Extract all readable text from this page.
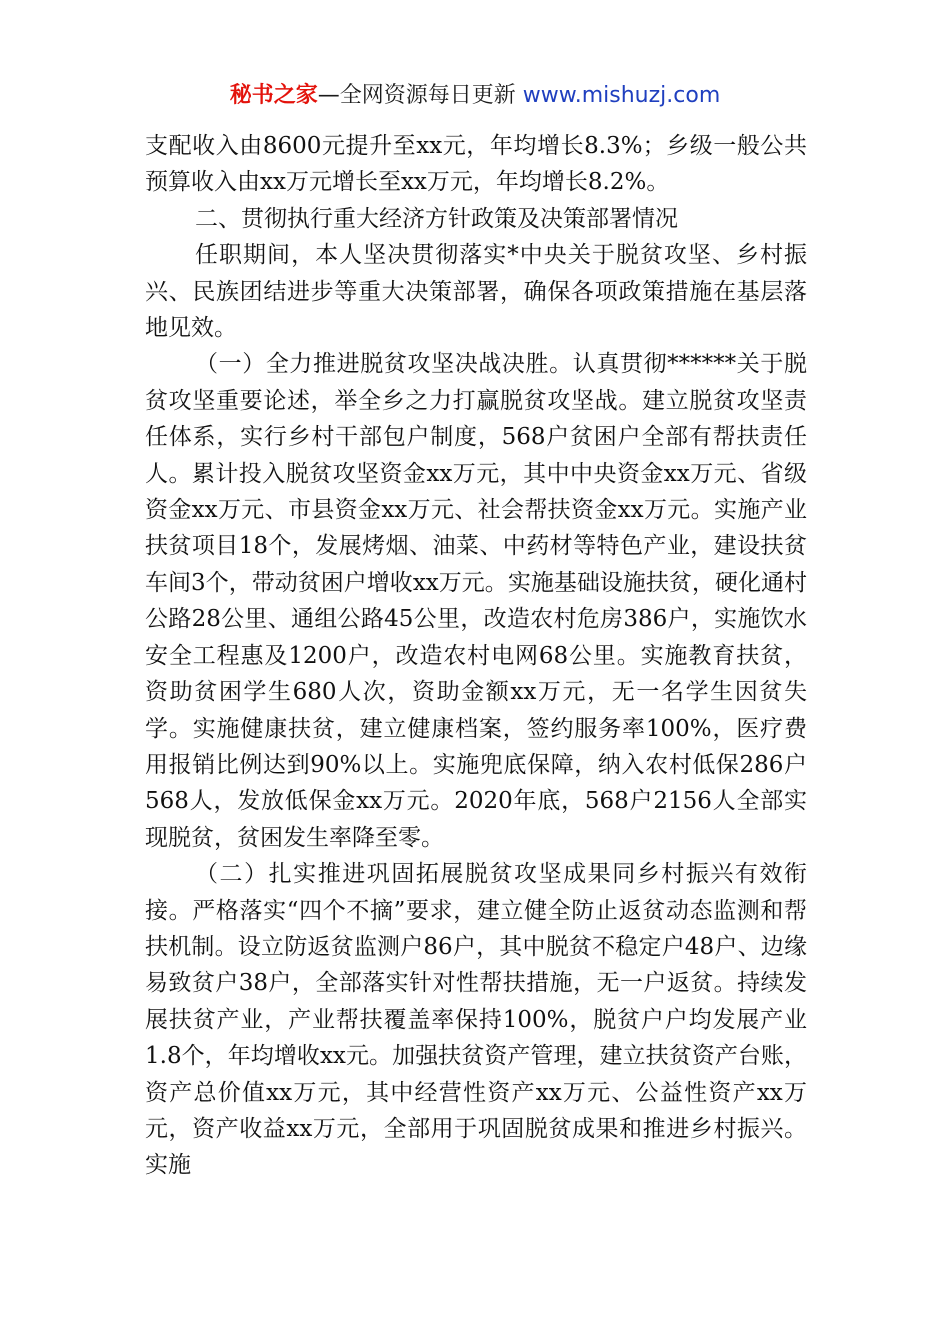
秘书之家—全网资源每日更新 www.mishuzj.com

支配收入由8600元提升至xx元，年均增长8.3%；乡级一般公共预算收入由xx万元增长至xx万元，年均增长8.2%。

二、贯彻执行重大经济方针政策及决策部署情况

任职期间，本人坚决贯彻落实*中央关于脱贫攻坚、乡村振兴、民族团结进步等重大决策部署，确保各项政策措施在基层落地见效。

（一）全力推进脱贫攻坚决战决胜。认真贯彻******关于脱贫攻坚重要论述，举全乡之力打赢脱贫攻坚战。建立脱贫攻坚责任体系，实行乡村干部包户制度，568户贫困户全部有帮扶责任人。累计投入脱贫攻坚资金xx万元，其中中央资金xx万元、省级资金xx万元、市县资金xx万元、社会帮扶资金xx万元。实施产业扶贫项目18个，发展烤烟、油菜、中药材等特色产业，建设扶贫车间3个，带动贫困户增收xx万元。实施基础设施扶贫，硬化通村公路28公里、通组公路45公里，改造农村危房386户，实施饮水安全工程惠及1200户，改造农村电网68公里。实施教育扶贫，资助贫困学生680人次，资助金额xx万元，无一名学生因贫失学。实施健康扶贫，建立健康档案，签约服务率100%，医疗费用报销比例达到90%以上。实施兜底保障，纳入农村低保286户568人，发放低保金xx万元。2020年底，568户2156人全部实现脱贫，贫困发生率降至零。

（二）扎实推进巩固拓展脱贫攻坚成果同乡村振兴有效衔接。严格落实“四个不摘”要求，建立健全防止返贫动态监测和帮扶机制。设立防返贫监测户86户，其中脱贫不稳定户48户、边缘易致贫户38户，全部落实针对性帮扶措施，无一户返贫。持续发展扶贫产业，产业帮扶覆盖率保持100%，脱贫户户均发展产业1.8个，年均增收xx元。加强扶贫资产管理，建立扶贫资产台账，资产总价值xx万元，其中经营性资产xx万元、公益性资产xx万元，资产收益xx万元，全部用于巩固脱贫成果和推进乡村振兴。实施
